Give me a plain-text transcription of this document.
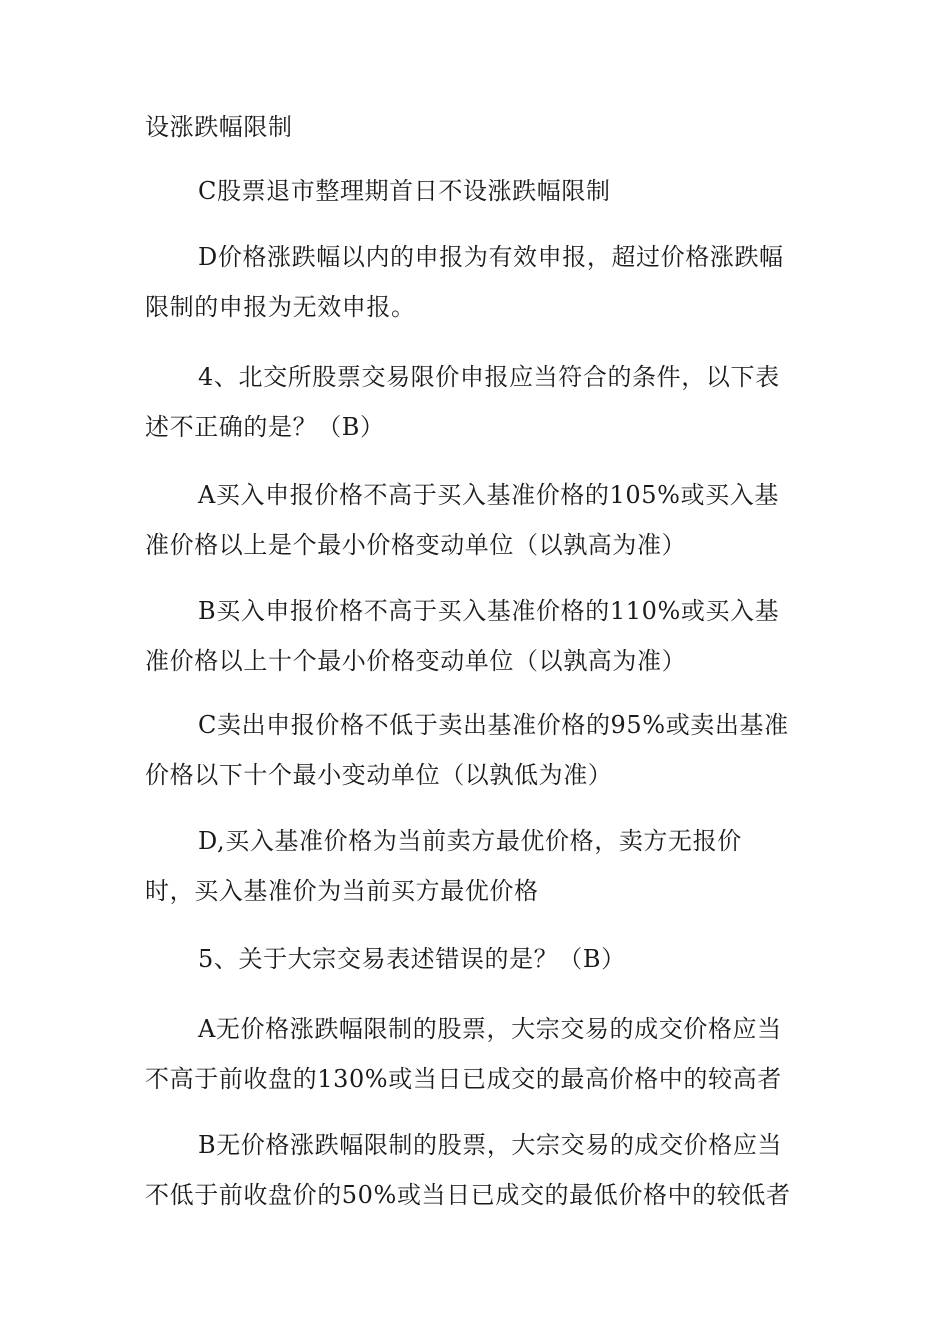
设涨跌幅限制
C股票退市整理期首日不设涨跌幅限制
D价格涨跌幅以内的申报为有效申报，超过价格涨跌幅
限制的申报为无效申报。
4、北交所股票交易限价申报应当符合的条件，以下表
述不正确的是？（B）
A买入申报价格不高于买入基准价格的105%或买入基
准价格以上是个最小价格变动单位（以孰高为准）
B买入申报价格不高于买入基准价格的110%或买入基
准价格以上十个最小价格变动单位（以孰高为准）
C卖出申报价格不低于卖出基准价格的95%或卖出基准
价格以下十个最小变动单位（以孰低为准）
D,买入基准价格为当前卖方最优价格，卖方无报价
时，买入基准价为当前买方最优价格
5、关于大宗交易表述错误的是？（B）
A无价格涨跌幅限制的股票，大宗交易的成交价格应当
不高于前收盘的130%或当日已成交的最高价格中的较高者
B无价格涨跌幅限制的股票，大宗交易的成交价格应当
不低于前收盘价的50%或当日已成交的最低价格中的较低者
